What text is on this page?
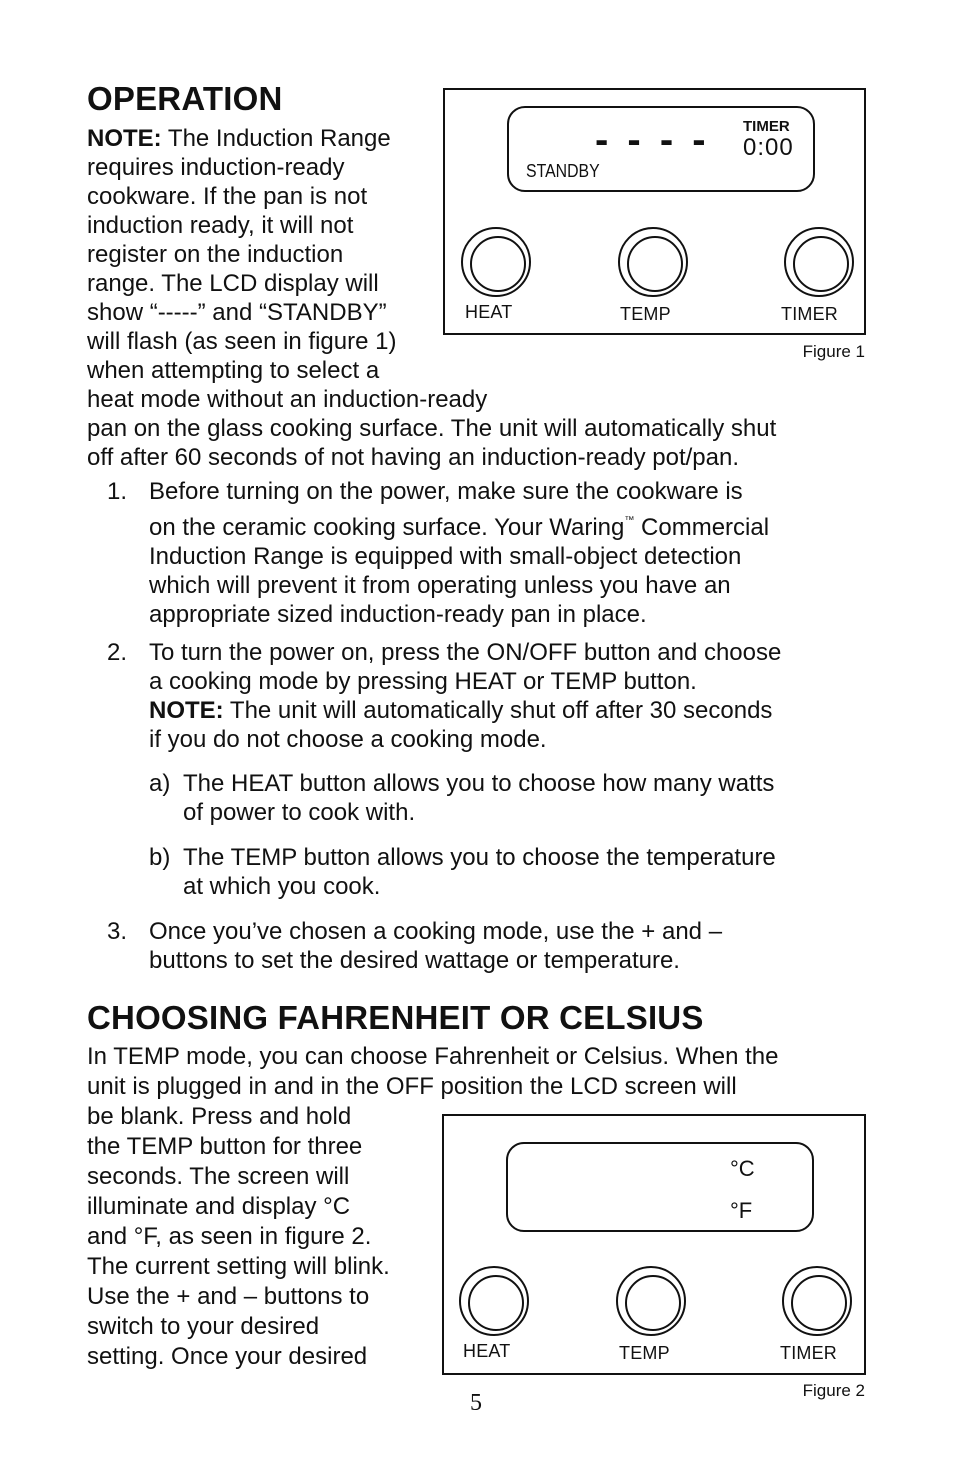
OPERATION

NOTE: The Induction Range

requires induction-ready

cookware. If the pan is not

induction ready, it will not

register on the induction

range. The LCD display will

show “-----” and “STANDBY”

will flash (as seen in figure 1)

when attempting to select a

heat mode without an induction-ready

pan on the glass cooking surface. The unit will automatically shut

off after 60 seconds of not having an induction-ready pot/pan.

- - - - TIMER
0:00
STANDBY
HEAT	TEMP	TIMER
Figure 1
1. Before turning on the power, make sure the cookware is
on the ceramic cooking surface. Your Waring™ Commercial
Induction Range is equipped with small-object detection
which will prevent it from operating unless you have an
appropriate sized induction-ready pan in place.
2. To turn the power on, press the ON/OFF button and choose
a cooking mode by pressing HEAT or TEMP button.
NOTE: The unit will automatically shut off after 30 seconds
if you do not choose a cooking mode.
a) The HEAT button allows you to choose how many watts
of power to cook with.
b) The TEMP button allows you to choose the temperature
at which you cook.
3. Once you’ve chosen a cooking mode, use the + and –
buttons to set the desired wattage or temperature.
CHOOSING FAHRENHEIT OR CELSIUS

In TEMP mode, you can choose Fahrenheit or Celsius. When the

unit is plugged in and in the OFF position the LCD screen will

be blank. Press and hold

the TEMP button for three

seconds. The screen will

illuminate and display °C

and °F, as seen in figure 2.

The current setting will blink.

Use the + and – buttons to

switch to your desired

setting. Once your desired

°C
°F
HEAT	TEMP	TIMER
Figure 2
5
